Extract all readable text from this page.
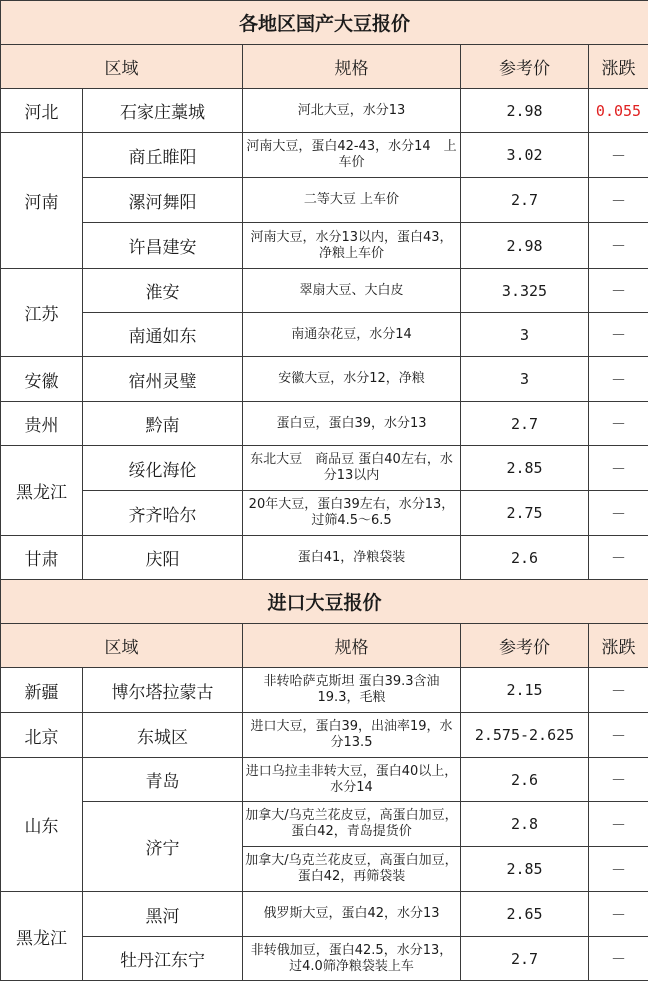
各地区国产大豆报价				
区域		规格	参考价	涨跌
河北	石家庄藁城	河北大豆，水分13	2.98	0.055
河南	商丘睢阳	河南大豆，蛋白42-43，水分14　上车价	3.02	－
	漯河舞阳	二等大豆 上车价	2.7	－
	许昌建安	河南大豆，水分13以内，蛋白43，净粮上车价	2.98	－
江苏	淮安	翠扇大豆、大白皮	3.325	－
	南通如东	南通杂花豆，水分14	3	－
安徽	宿州灵璧	安徽大豆，水分12，净粮	3	－
贵州	黔南	蛋白豆，蛋白39，水分13	2.7	－
黑龙江	绥化海伦	东北大豆　商品豆 蛋白40左右，水分13以内	2.85	－
	齐齐哈尔	20年大豆，蛋白39左右，水分13，过筛4.5～6.5	2.75	－
甘肃	庆阳	蛋白41，净粮袋装	2.6	－
进口大豆报价				
区域		规格	参考价	涨跌
新疆	博尔塔拉蒙古	非转哈萨克斯坦 蛋白39.3含油19.3，毛粮	2.15	－
北京	东城区	进口大豆，蛋白39，出油率19，水分13.5	2.575-2.625	－
山东	青岛	进口乌拉圭非转大豆，蛋白40以上，水分14	2.6	－
	济宁	加拿大/乌克兰花皮豆，高蛋白加豆，蛋白42，青岛提货价	2.8	－
		加拿大/乌克兰花皮豆，高蛋白加豆，蛋白42，再筛袋装	2.85	－
黑龙江	黑河	俄罗斯大豆，蛋白42，水分13	2.65	－
	牡丹江东宁	非转俄加豆，蛋白42.5，水分13，过4.0筛净粮袋装上车	2.7	－
